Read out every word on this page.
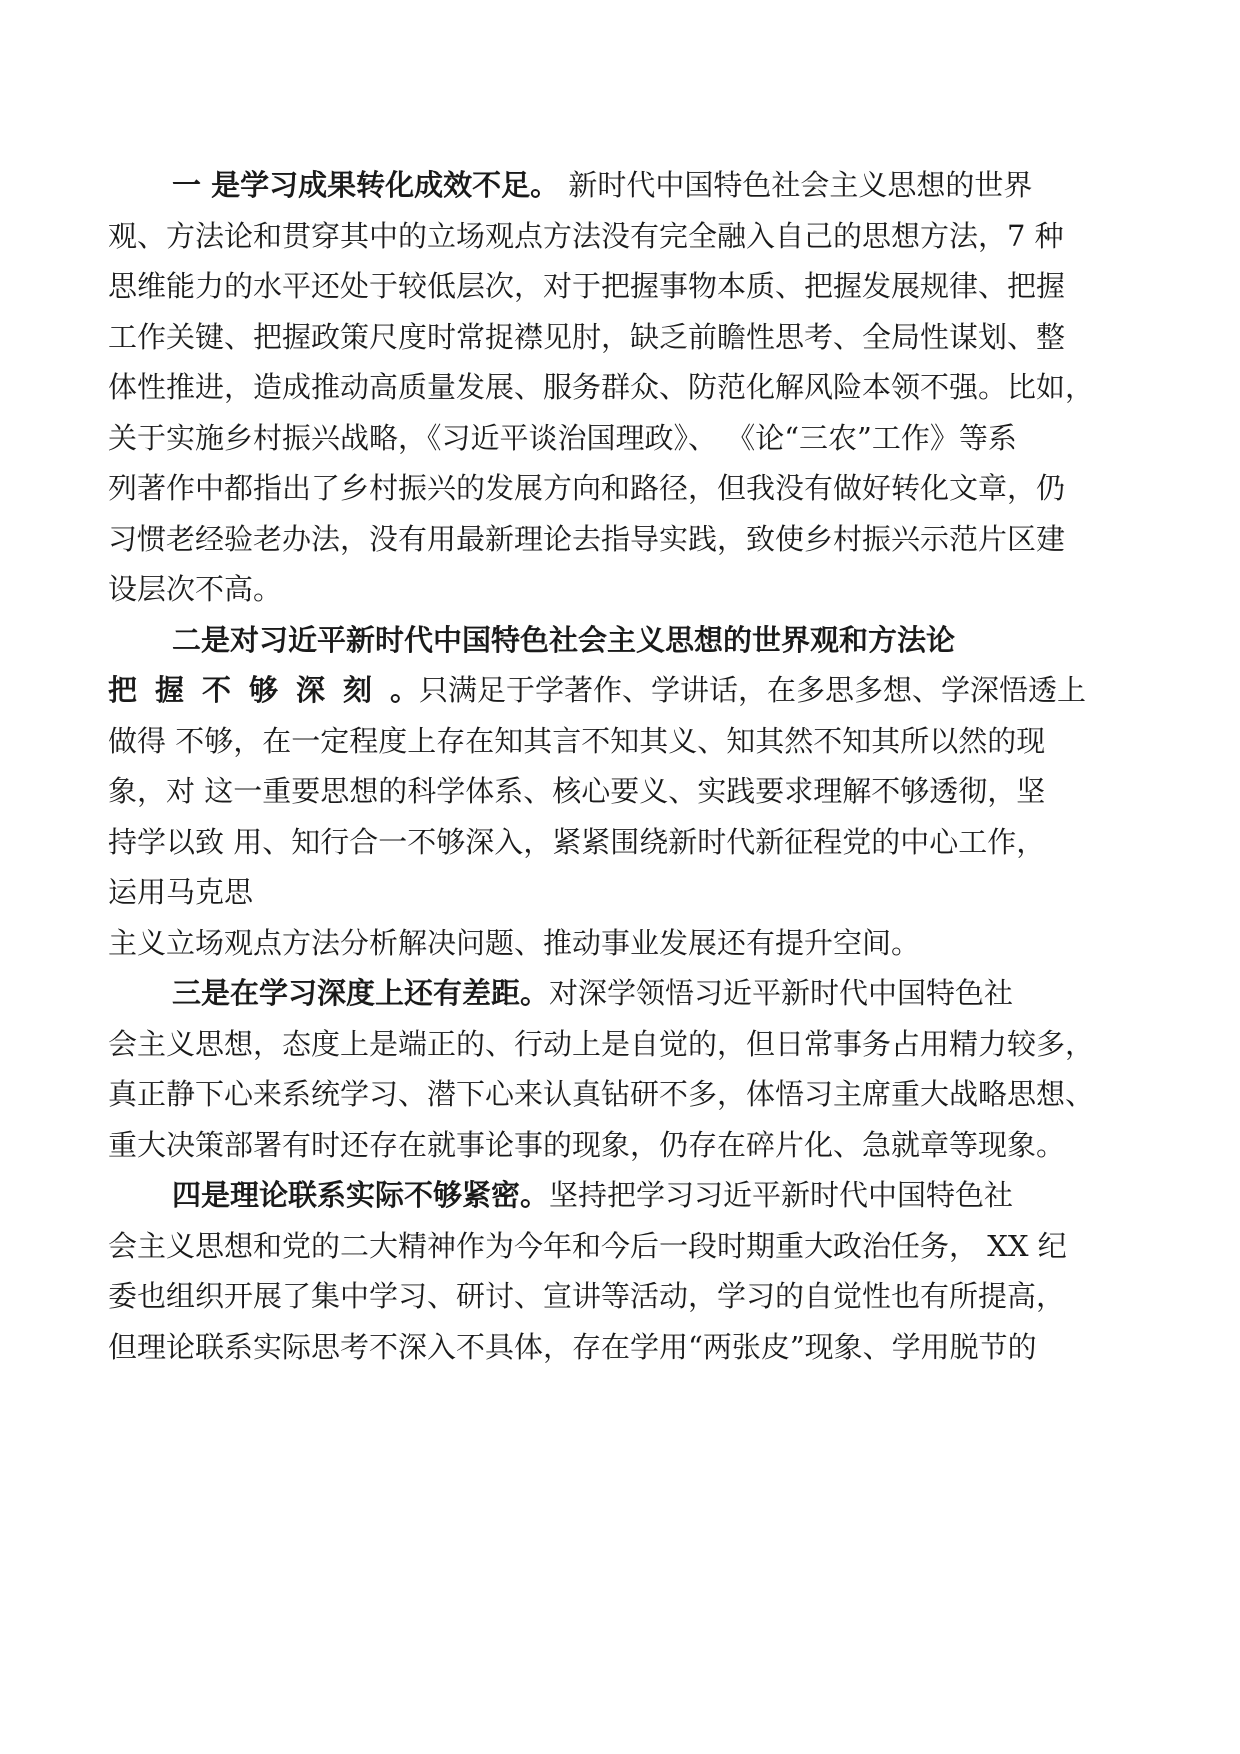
一 是学习成果转化成效不足。 新时代中国特色社会主义思想的世界
观、方法论和贯穿其中的立场观点方法没有完全融入自己的思想方法，7 种
思维能力的水平还处于较低层次，对于把握事物本质、把握发展规律、把握
工作关键、把握政策尺度时常捉襟见肘，缺乏前瞻性思考、全局性谋划、整
体性推进，造成推动高质量发展、服务群众、防范化解风险本领不强。比如，
关于实施乡村振兴战略，《习近平谈治国理政》、 《论“三农”工作》等系
列著作中都指出了乡村振兴的发展方向和路径，但我没有做好转化文章，仍
习惯老经验老办法，没有用最新理论去指导实践，致使乡村振兴示范片区建
设层次不高。
二是对习近平新时代中国特色社会主义思想的世界观和方法论
把握不够深刻。只满足于学著作、学讲话，在多思多想、学深悟透上
做得 不够，在一定程度上存在知其言不知其义、知其然不知其所以然的现
象，对 这一重要思想的科学体系、核心要义、实践要求理解不够透彻，坚
持学以致 用、知行合一不够深入，紧紧围绕新时代新征程党的中心工作，
运用马克思
主义立场观点方法分析解决问题、推动事业发展还有提升空间。
三是在学习深度上还有差距。对深学领悟习近平新时代中国特色社
会主义思想，态度上是端正的、行动上是自觉的，但日常事务占用精力较多，
真正静下心来系统学习、潜下心来认真钻研不多，体悟习主席重大战略思想、
重大决策部署有时还存在就事论事的现象，仍存在碎片化、急就章等现象。
四是理论联系实际不够紧密。坚持把学习习近平新时代中国特色社
会主义思想和党的二大精神作为今年和今后一段时期重大政治任务， XX 纪
委也组织开展了集中学习、研讨、宣讲等活动，学习的自觉性也有所提高，
但理论联系实际思考不深入不具体，存在学用“两张皮”现象、学用脱节的
